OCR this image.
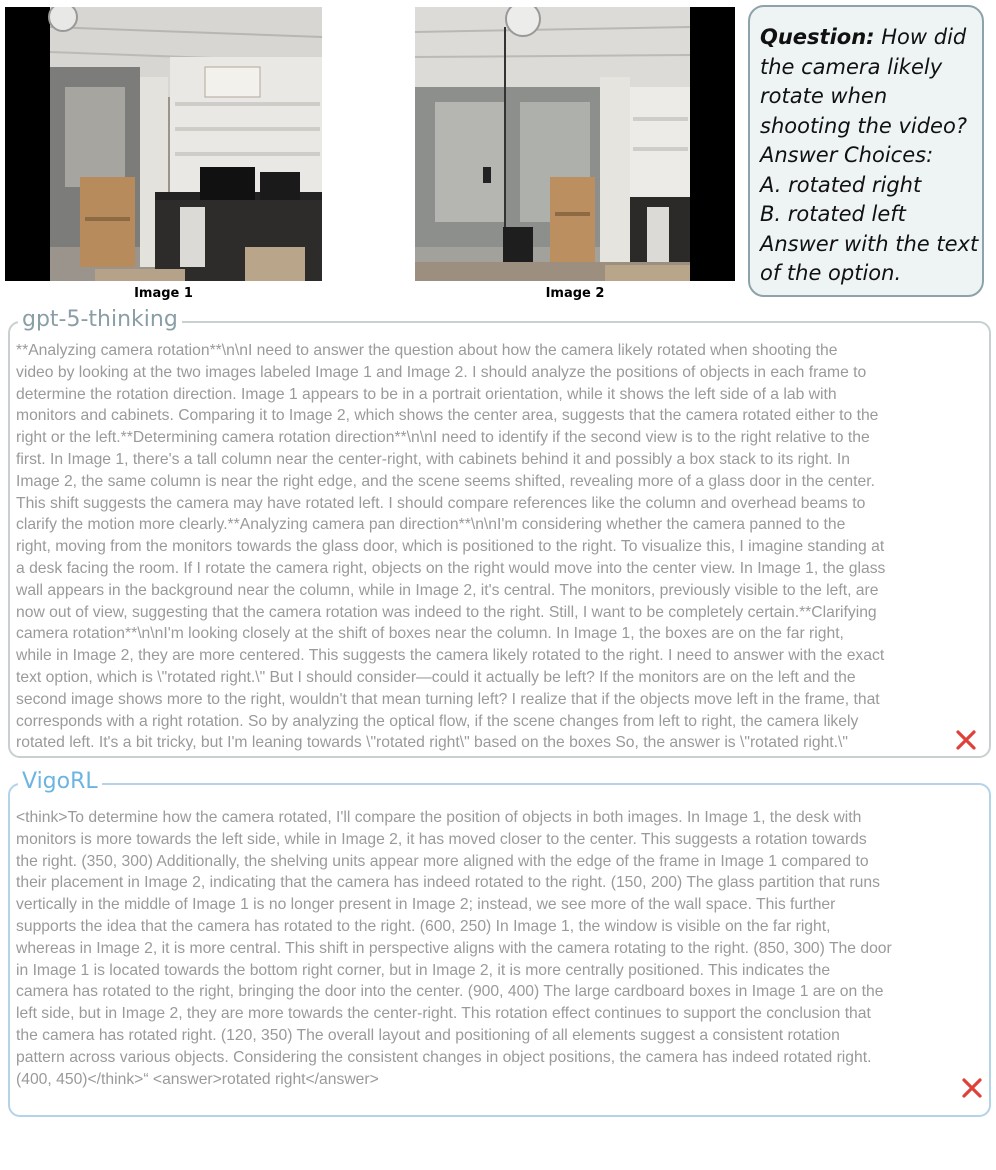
Image 1	Image 2
Question: How did
the camera likely
rotate when
shooting the video?
Answer Choices:
A. rotated right
B. rotated left
Answer with the text
of the option.
gpt-5-thinking
**Analyzing camera rotation**\n\nI need to answer the question about how the camera likely rotated when shooting the
video by looking at the two images labeled Image 1 and Image 2. I should analyze the positions of objects in each frame to
determine the rotation direction. Image 1 appears to be in a portrait orientation, while it shows the left side of a lab with
monitors and cabinets. Comparing it to Image 2, which shows the center area, suggests that the camera rotated either to the
right or the left.**Determining camera rotation direction**\n\nI need to identify if the second view is to the right relative to the
first. In Image 1, there's a tall column near the center-right, with cabinets behind it and possibly a box stack to its right. In
Image 2, the same column is near the right edge, and the scene seems shifted, revealing more of a glass door in the center.
This shift suggests the camera may have rotated left. I should compare references like the column and overhead beams to
clarify the motion more clearly.**Analyzing camera pan direction**\n\nI'm considering whether the camera panned to the
right, moving from the monitors towards the glass door, which is positioned to the right. To visualize this, I imagine standing at
a desk facing the room. If I rotate the camera right, objects on the right would move into the center view. In Image 1, the glass
wall appears in the background near the column, while in Image 2, it's central. The monitors, previously visible to the left, are
now out of view, suggesting that the camera rotation was indeed to the right. Still, I want to be completely certain.**Clarifying
camera rotation**\n\nI'm looking closely at the shift of boxes near the column. In Image 1, the boxes are on the far right,
while in Image 2, they are more centered. This suggests the camera likely rotated to the right. I need to answer with the exact
text option, which is \"rotated right.\" But I should consider—could it actually be left? If the monitors are on the left and the
second image shows more to the right, wouldn't that mean turning left? I realize that if the objects move left in the frame, that
corresponds with a right rotation. So by analyzing the optical flow, if the scene changes from left to right, the camera likely
rotated left. It's a bit tricky, but I'm leaning towards \"rotated right\" based on the boxes So, the answer is \"rotated right.\"
VigoRL
<think>To determine how the camera rotated, I'll compare the position of objects in both images. In Image 1, the desk with
monitors is more towards the left side, while in Image 2, it has moved closer to the center. This suggests a rotation towards
the right. (350, 300) Additionally, the shelving units appear more aligned with the edge of the frame in Image 1 compared to
their placement in Image 2, indicating that the camera has indeed rotated to the right. (150, 200) The glass partition that runs
vertically in the middle of Image 1 is no longer present in Image 2; instead, we see more of the wall space. This further
supports the idea that the camera has rotated to the right. (600, 250) In Image 1, the window is visible on the far right,
whereas in Image 2, it is more central. This shift in perspective aligns with the camera rotating to the right. (850, 300) The door
in Image 1 is located towards the bottom right corner, but in Image 2, it is more centrally positioned. This indicates the
camera has rotated to the right, bringing the door into the center. (900, 400) The large cardboard boxes in Image 1 are on the
left side, but in Image 2, they are more towards the center-right. This rotation effect continues to support the conclusion that
the camera has rotated right. (120, 350) The overall layout and positioning of all elements suggest a consistent rotation
pattern across various objects. Considering the consistent changes in object positions, the camera has indeed rotated right.
(400, 450)</think>“ <answer>rotated right</answer>
